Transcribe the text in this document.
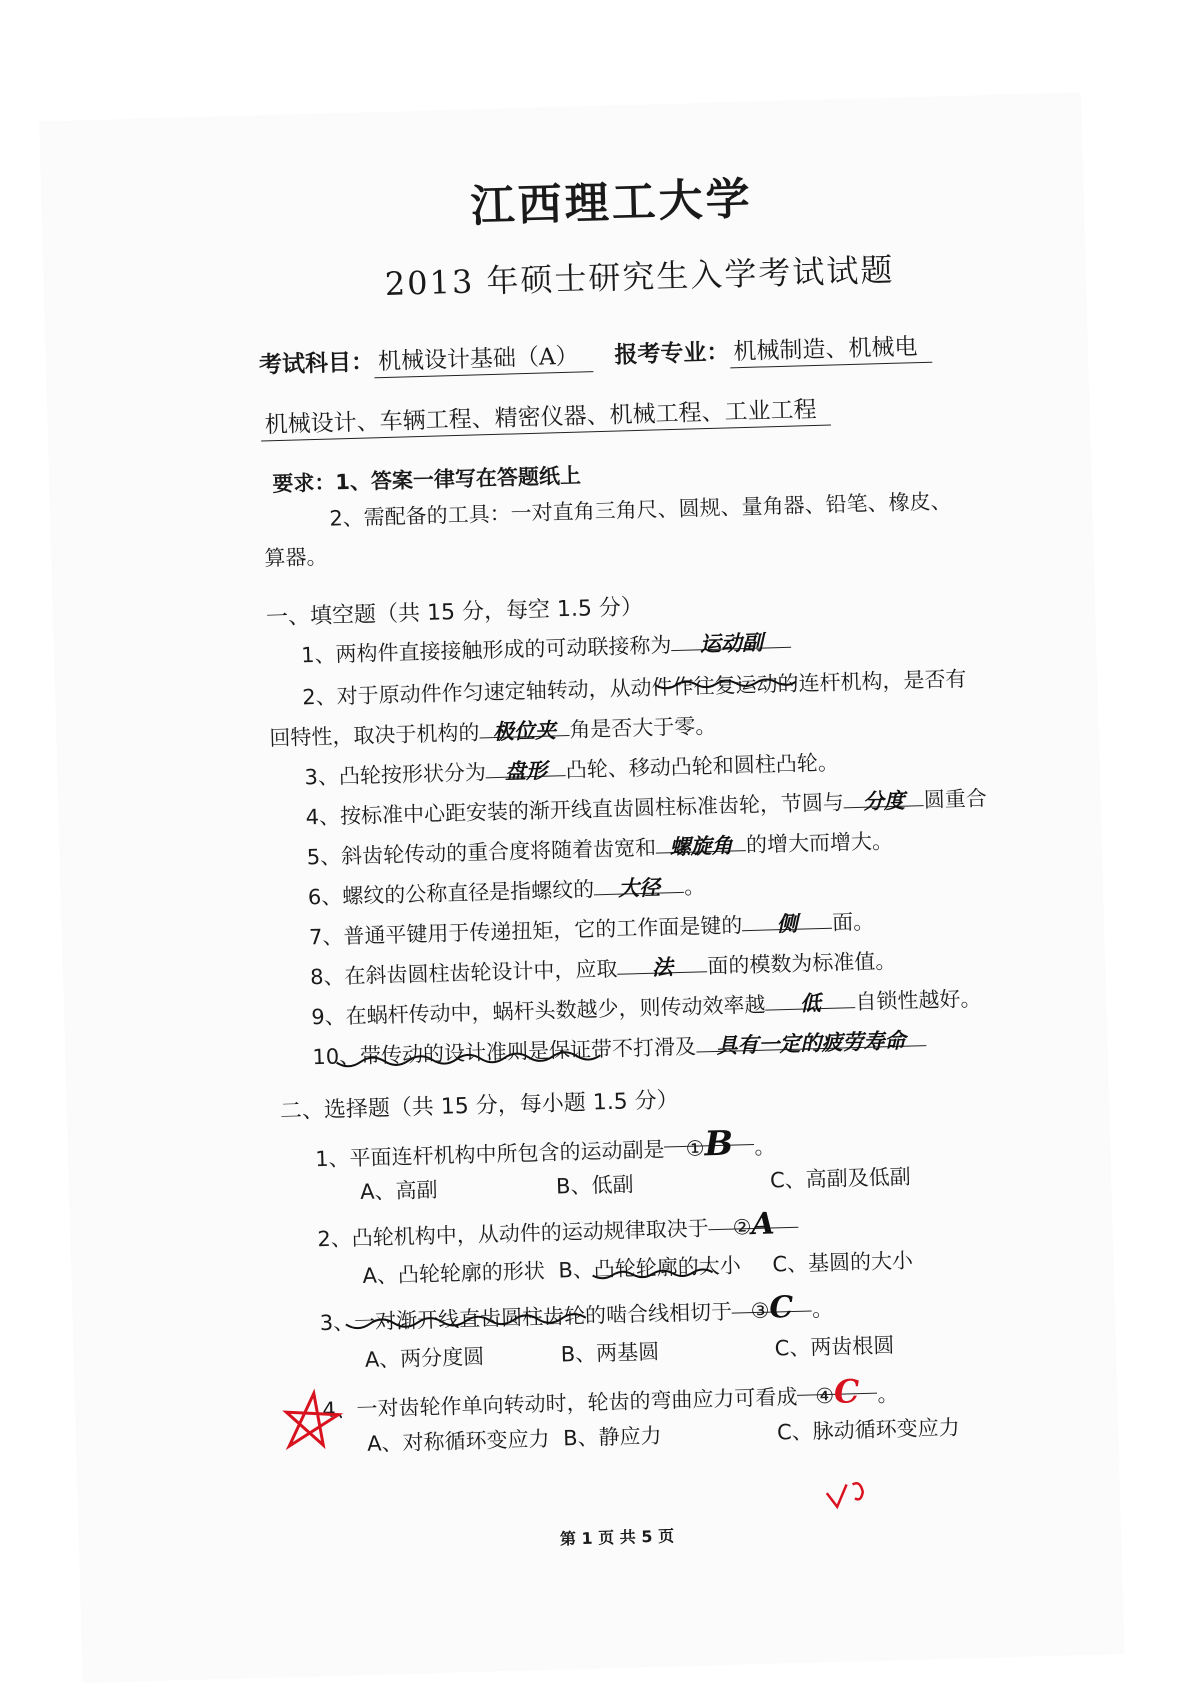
江西理工大学
2013 年硕士研究生入学考试试题
考试科目： 机械设计基础（A） 报考专业： 机械制造、机械电
机械设计、车辆工程、精密仪器、机械工程、工业工程
要求：1、答案一律写在答题纸上
2、需配备的工具：一对直角三角尺、圆规、量角器、铅笔、橡皮、
算器。
一、填空题（共 15 分，每空 1.5 分）
1、两构件直接接触形成的可动联接称为 运动副
2、对于原动件作匀速定轴转动，从动件作往复运动的连杆机构，是否有
回特性，取决于机构的 极位夹 角是否大于零。
3、凸轮按形状分为 盘形 凸轮、移动凸轮和圆柱凸轮。
4、按标准中心距安装的渐开线直齿圆柱标准齿轮，节圆与 分度 圆重合
5、斜齿轮传动的重合度将随着齿宽和 螺旋角 的增大而增大。
6、螺纹的公称直径是指螺纹的 大径 。
7、普通平键用于传递扭矩，它的工作面是键的 侧 面。
8、在斜齿圆柱齿轮设计中，应取 法 面的模数为标准值。
9、在蜗杆传动中，蜗杆头数越少，则传动效率越 低 自锁性越好。
10、带传动的设计准则是保证带不打滑及 具有一定的疲劳寿命
二、选择题（共 15 分，每小题 1.5 分）
1、平面连杆机构中所包含的运动副是 ①B 。
A、高副	B、低副	C、高副及低副
2、凸轮机构中，从动件的运动规律取决于 ②A
A、凸轮轮廓的形状 B、凸轮轮廓的大小 C、基圆的大小
3、一对渐开线直齿圆柱齿轮的啮合线相切于 ③C 。
A、两分度圆	B、两基圆	C、两齿根圆
4、一对齿轮作单向转动时，轮齿的弯曲应力可看成 ④C 。
A、对称循环变应力 B、静应力	C、脉动循环变应力
第 1 页 共 5 页
